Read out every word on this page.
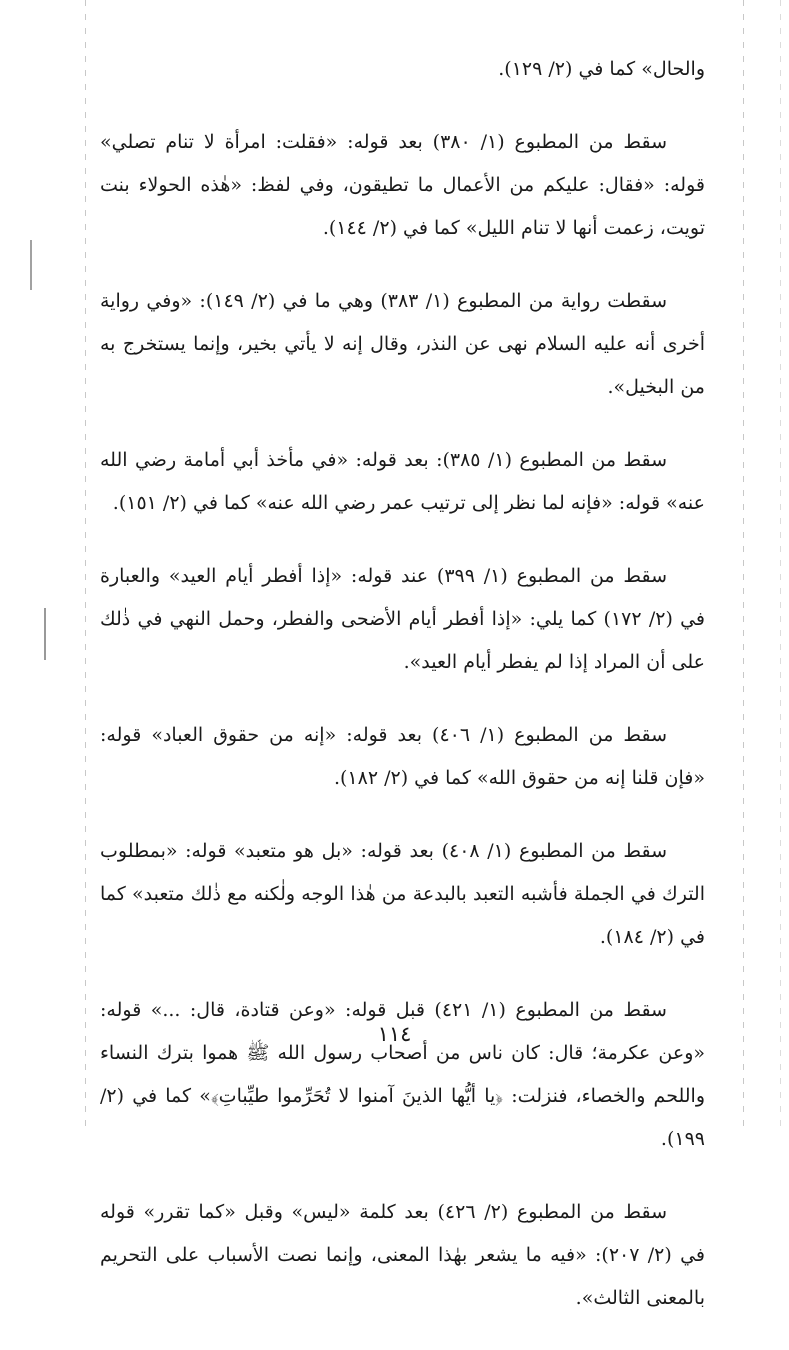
والحال» كما في (٢/ ١٢٩).

سقط من المطبوع (١/ ٣٨٠) بعد قوله: «فقلت: امرأة لا تنام تصلي» قوله: «فقال: عليكم من الأعمال ما تطيقون، وفي لفظ: «هٰذه الحولاء بنت تويت، زعمت أنها لا تنام الليل» كما في (٢/ ١٤٤).

سقطت رواية من المطبوع (١/ ٣٨٣) وهي ما في (٢/ ١٤٩): «وفي رواية أخرى أنه عليه السلام نهى عن النذر، وقال إنه لا يأتي بخير، وإنما يستخرج به من البخيل».

سقط من المطبوع (١/ ٣٨٥): بعد قوله: «في مأخذ أبي أمامة رضي الله عنه» قوله: «فإنه لما نظر إلى ترتيب عمر رضي الله عنه» كما في (٢/ ١٥١).

سقط من المطبوع (١/ ٣٩٩) عند قوله: «إذا أفطر أيام العيد» والعبارة في (٢/ ١٧٢) كما يلي: «إذا أفطر أيام الأضحى والفطر، وحمل النهي في ذٰلك على أن المراد إذا لم يفطر أيام العيد».

سقط من المطبوع (١/ ٤٠٦) بعد قوله: «إنه من حقوق العباد» قوله: «فإن قلنا إنه من حقوق الله» كما في (٢/ ١٨٢).

سقط من المطبوع (١/ ٤٠٨) بعد قوله: «بل هو متعبد» قوله: «بمطلوب الترك في الجملة فأشبه التعبد بالبدعة من هٰذا الوجه ولٰكنه مع ذٰلك متعبد» كما في (٢/ ١٨٤).

سقط من المطبوع (١/ ٤٢١) قبل قوله: «وعن قتادة، قال: ...» قوله: «وعن عكرمة؛ قال: كان ناس من أصحاب رسول الله ﷺ هموا بترك النساء واللحم والخصاء، فنزلت: ﴿يا أيُّها الذينَ آمنوا لا تُحَرِّموا طيِّباتِ﴾» كما في (٢/ ١٩٩).

سقط من المطبوع (٢/ ٤٢٦) بعد كلمة «ليس» وقبل «كما تقرر» قوله في (٢/ ٢٠٧): «فيه ما يشعر بهٰذا المعنى، وإنما نصت الأسباب على التحريم بالمعنى الثالث».

١١٤
